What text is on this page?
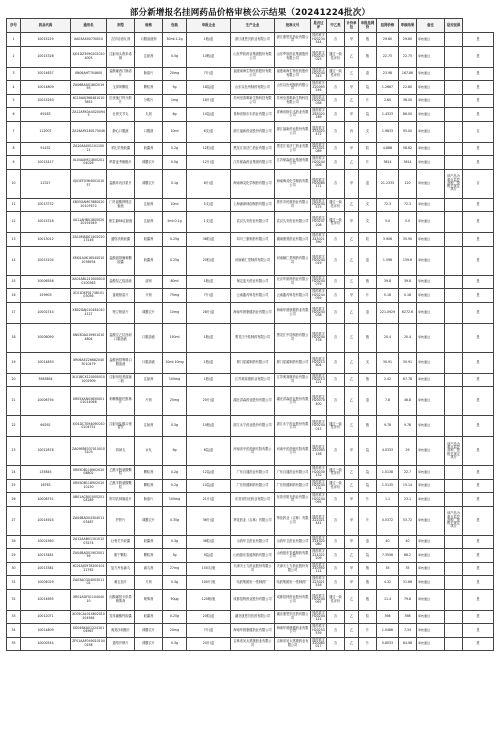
部分新增报名挂网药品价格审核公示结果（20241224批次）
序号	药品代码	通用名	剂型	规格	包装	申报企业	生产企业	批准文号	是否过评	甲乙类	计价单位	申报挂网价	挂网价格	审核结果	备注	是否医保	
1	10015229	XA03AX00730010	吉贝培油丸剂	口服溶液剂	30ml:1.2g	1瓶/盒	浙江康恩贝药业有限公司	浙江康恩贝药业有限公司	国药准字H20234544	否	甲	瓶	29.60	29.60	审核通过		是
2	10015326	XJ01DZ30902020104003	注射用头孢米诺钠	注射剂	0.5g	10瓶/盒	山东罗欣药业集团股份有限公司	山东罗欣药业集团股份有限公司	国药准字H20247025	通过一致性评价	乙	瓶	22.75	22.75	审核通过		是
3	10014637	XN06AHT704600	盐酸氟西汀肠溶片	肠溶片	20mg	7片/盒	福建南海生物医药股份有限公司	福建南海生物医药股份有限公司	国药准字H20244343	通过一致性评价	乙	盒	23.98	167.86	审核通过		是
4	10014809	ZA06BAA0180201993	玉屏风颗粒	颗粒剂	5g	18袋/盒	山东以色列制药有限公司	山东以色列制药有限公司	国药准字Z20093246	否	甲	袋	1.2667	22.80	审核通过		是
5	10015263	XC10AXJ3684810103652	匹伐他汀钙分散片	分散片	1mg	18片/盒	苏州至善唯新生物科技有限公司	苏州至善唯新生物科技有限公司	国药准字H20244038	否	乙	片	2.60	36.00	审核通过		是
6	69183	ZA12AFK0440200943	壮骨关节丸	丸剂	6g	10袋/盒	青海省格尔木药业有限公司	青海省格尔木药业有限公司	国药准字Z63020189	否	甲	袋	1.4333	86.00	审核通过		是
7	112007	ZA16AFK180170046	静心口服液	口服液	10ml	6支/盒	浙江福新药业股份有限公司	浙江福新药业股份有限公司	国药准字Z33020472	否	丙	支	1.9833	95.00	审核通过		否
8	91432	ZA10AA00110110021	苯扎贝特胶囊	胶囊剂	0.2g	12粒/盒	黑龙江省济仁药业有限公司	黑龙江省济仁药业有限公司	国药准字Z23021089	否	甲	粒	4.888	58.62	审核通过		是
9	10015417	XL04AXM1180020104026	吗替麦考酚酯片	薄膜衣片	0.5g	12片/盒	江苏豪森药业集团有限公司	江苏豪森药业集团有限公司	国药准字H20244006	否	乙	片	3614	3614	审核通过		是
10	22327	XJ01EF036400101057	盐酸环丙沙星片	薄膜衣片	0.1g	6片/盒	海南海灵化学制药有限公司	海南海灵化学制药有限公司	国药准字H20080171	否	甲	盒	21.2333	120	审核通过	该产品为重点监控品种，按相关规定执行	否
11	10013732	XB05XAM0788002020107672	门冬氨酸钾镁注射液	注射剂	10ml	5支/盒	上海浦津林创制药有限公司	焦作市民康药业有限公司	国药准字H20244575	通过一致性评价	乙	支	72.3	72.3	审核通过		是
12	10015318	XA11AHB0180002020191949	维生素B6注射液	注射剂	2ml:0.1g	1支/盒	武汉久安药业有限公司	武汉久安药业有限公司	国药准字H20247208	通过一致性评价	甲	支	5.0	5.0	审核通过		是
13	10013012	ZA10MAD0140202013146	通络祛瘀胶囊	胶囊剂	0.25g	36粒/盒	四川三康制药有限公司	湖南康普药业有限公司	国药准字Z43021390	否	乙	粒	3.906	35.90	审核通过		是
14	10015104	XM01AXK165400101036934	盐酸氨基葡萄糖胶囊	胶囊剂	0.25g	20粒/盒	河南辅仁堂制药有限公司	河南辅仁堂制药有限公司	国药准字H20244019	否	乙	盒	1.596	159.6	审核通过		是
15	10006556	XA01ABL2100000100100363	盐酸羟乙锭溶液	溶剂	80ml	1瓶/盒	保定蓝天药业有限公司	北京华凯特药业有限公司	国药准字H20244079	否	乙	瓶	39.8	39.8	审核通过		是
16	159903	XC01DXP0174810103056	氯吡格雷片	片剂	75mg	7片/盒	云南鑫芮科技有限公司	云南鑫芮科技有限公司	国药准字H20244059	否	甲	片	0.18	0.18	审核通过		是
17	10002744	XB02DAJ0104810104127	特立帕肽片	薄膜衣片	10mg	28片/盒	海南华晨康健药业有限公司	海南华晨康健药业有限公司	国药准字H20244038	否	乙	盒	221.0929	6272.6	审核通过		是
18	10008090	XN03DAX199010104804	盐酸左乙拉西坦口服溶液	口服溶液	150ml	1瓶/盒	黑龙江中桂制药有限公司	黑龙江中桂制药有限公司	国药准字H20244578	否	乙	瓶	20.4	20.4	审核通过		是
19	10014830	XR06AEZ266820403010479	盐酸西替利嗪口服溶液	口服溶液	10ml:10mg	1瓶/盒	厦门星鲨制药有限公司	厦门星鲨制药有限公司	国药准字H20213604	否	乙	支	30.91	30.91	审核通过		是
20	3983894	XL01BCX1200000101002909	注射用培美曲塞二钠	注射剂	100mg	1瓶/盒	江苏奥赛康药业有限公司	江苏奥赛康药业有限公司	国药准字H20213121	否	乙	瓶	2.42	67.78	审核通过		是
21	10006794	XR05XAN0365000101014066	枸橼酸喷托维林片	片剂	25mg	20片/盒	湖北洪森药业股份有限公司	湖北洪森药业股份有限公司	国药准字H20070400	否	乙	盒	7.8	46.8	审核通过		是
22	66292	XJ01DCT0940900100104751	注射用盐酸头孢替安	注射剂	0.5g	10瓶/盒	浙江永宁药业股份有限公司	浙江永宁药业股份有限公司	国药准字H20244013	通过一致性评价	乙	瓶	9.78	9.78	审核通过		是
23	10012876	ZA09EBE0370100103103	四神丸	水丸	9g	6袋/盒	河南省中医药研究院有限公司	河南中医药研究院有限公司	国药准字Z20093156	否	甲	袋	4.0333	29	审核通过	该产品为重点监控品种，按相关规定执行	是
24	135845	XR05DB11890201008802	乙酰半胱氨酸颗粒	颗粒剂	0.2g	12袋/盒	广东百通药业有限公司	广东百通药业有限公司	国药准字H20030132	通过一致性评价	乙	袋	1.0138	22.7	审核通过		是
25	16763	XR05DB11890201010150	乙酰半胱氨酸颗粒	颗粒剂	0.2g	10袋/盒	广东恒健制药有限公司	广东恒健制药有限公司	国药准字H20244132	通过一致性评价	乙	袋	1.5135	15.14	审核通过		是
26	10008751	XB01ACB0100520104289	阿司匹林肠溶片	肠溶片	100mg	21片/盒	东莞市阳光药业有限公司	东莞市阳光药业有限公司	国药准字H20244095	否	甲	片	1.1	23.1	审核通过		是
27	10014924	ZA04BAD0430401103487	护肝片	薄膜衣片	0.35g	36片/盒	葵花药业（吉林）有限公司	葵花药业（吉林）有限公司	国药准字Z22021441	否	甲	片	0.5372	53.72	审核通过	该产品为重点监控品种，按相关规定执行	是
28	10001560	ZA12AAB0110101203274	壮骨关节胶囊	胶囊剂	0.3g	36粒/盒	山西华卫药业有限公司	山西华卫药业有限公司	国药准字Z14020080	否	甲	盒	40	40	审核通过		是
29	10013481	ZA04BAD0190200159	胆宁颗粒	颗粒剂	3g	9袋/盒	山西振东泰盛制药有限公司	山西振东泰盛制药有限公司	国药准字Z14022209	否	乙	袋	7.3556	66.2	审核通过		是
30	10013381	XC01AJG97820010122762	复方丹参滴丸	滴丸剂	27mg	150丸/瓶	天津天士力药业股份有限公司	天津天士力药业股份有限公司	国药准字Z10950111	否	甲	瓶	35	35	审核通过		是
31	10004029	ZA03ACG0400301102	刺五加片	片剂	0.3g	100片/瓶	哈药集团世一堂制药厂	哈药集团世一堂制药厂	国药准字Z23021516	否	甲	瓶	4.32	31.68	审核通过		是
32	10014695	XR01ADY0110404010	丙酸氟替卡松鼻喷雾剂	喷雾剂	50μg	120喷/瓶	成都倍特药业股份有限公司	成都倍特药业股份有限公司	国药准字H20244097	通过一致性评价	乙	瓶	11.4	79.8	审核通过		是
33	10012071	XC05CAL014802010104564	羟苯磺酸钙胶囊	胶囊剂	0.25g	20粒/盒	湖北康恩贝医药有限公司	湖北康恩贝医药有限公司	国药准字H20244121	否	乙	粒	398	398	审核通过		是
34	10014809	XG04BXA0122410104967	奥美沙坦酯片	薄膜衣片	20mg	7片/盒	海南华晨康健药业有限公司	海南华晨康健药业有限公司	国药准字H20253539	否	乙	片	1.0486	7.34	审核通过		是
35	10000544	ZF01AAF0490101040158	通络开痹片	薄膜衣片	0.3g	24片/盒	吉林省吴太感康药业有限公司	吉林省吴太感康药业有限公司	国药准字Z20080017	否	乙	片	0.8033	64.98	审核通过		是
